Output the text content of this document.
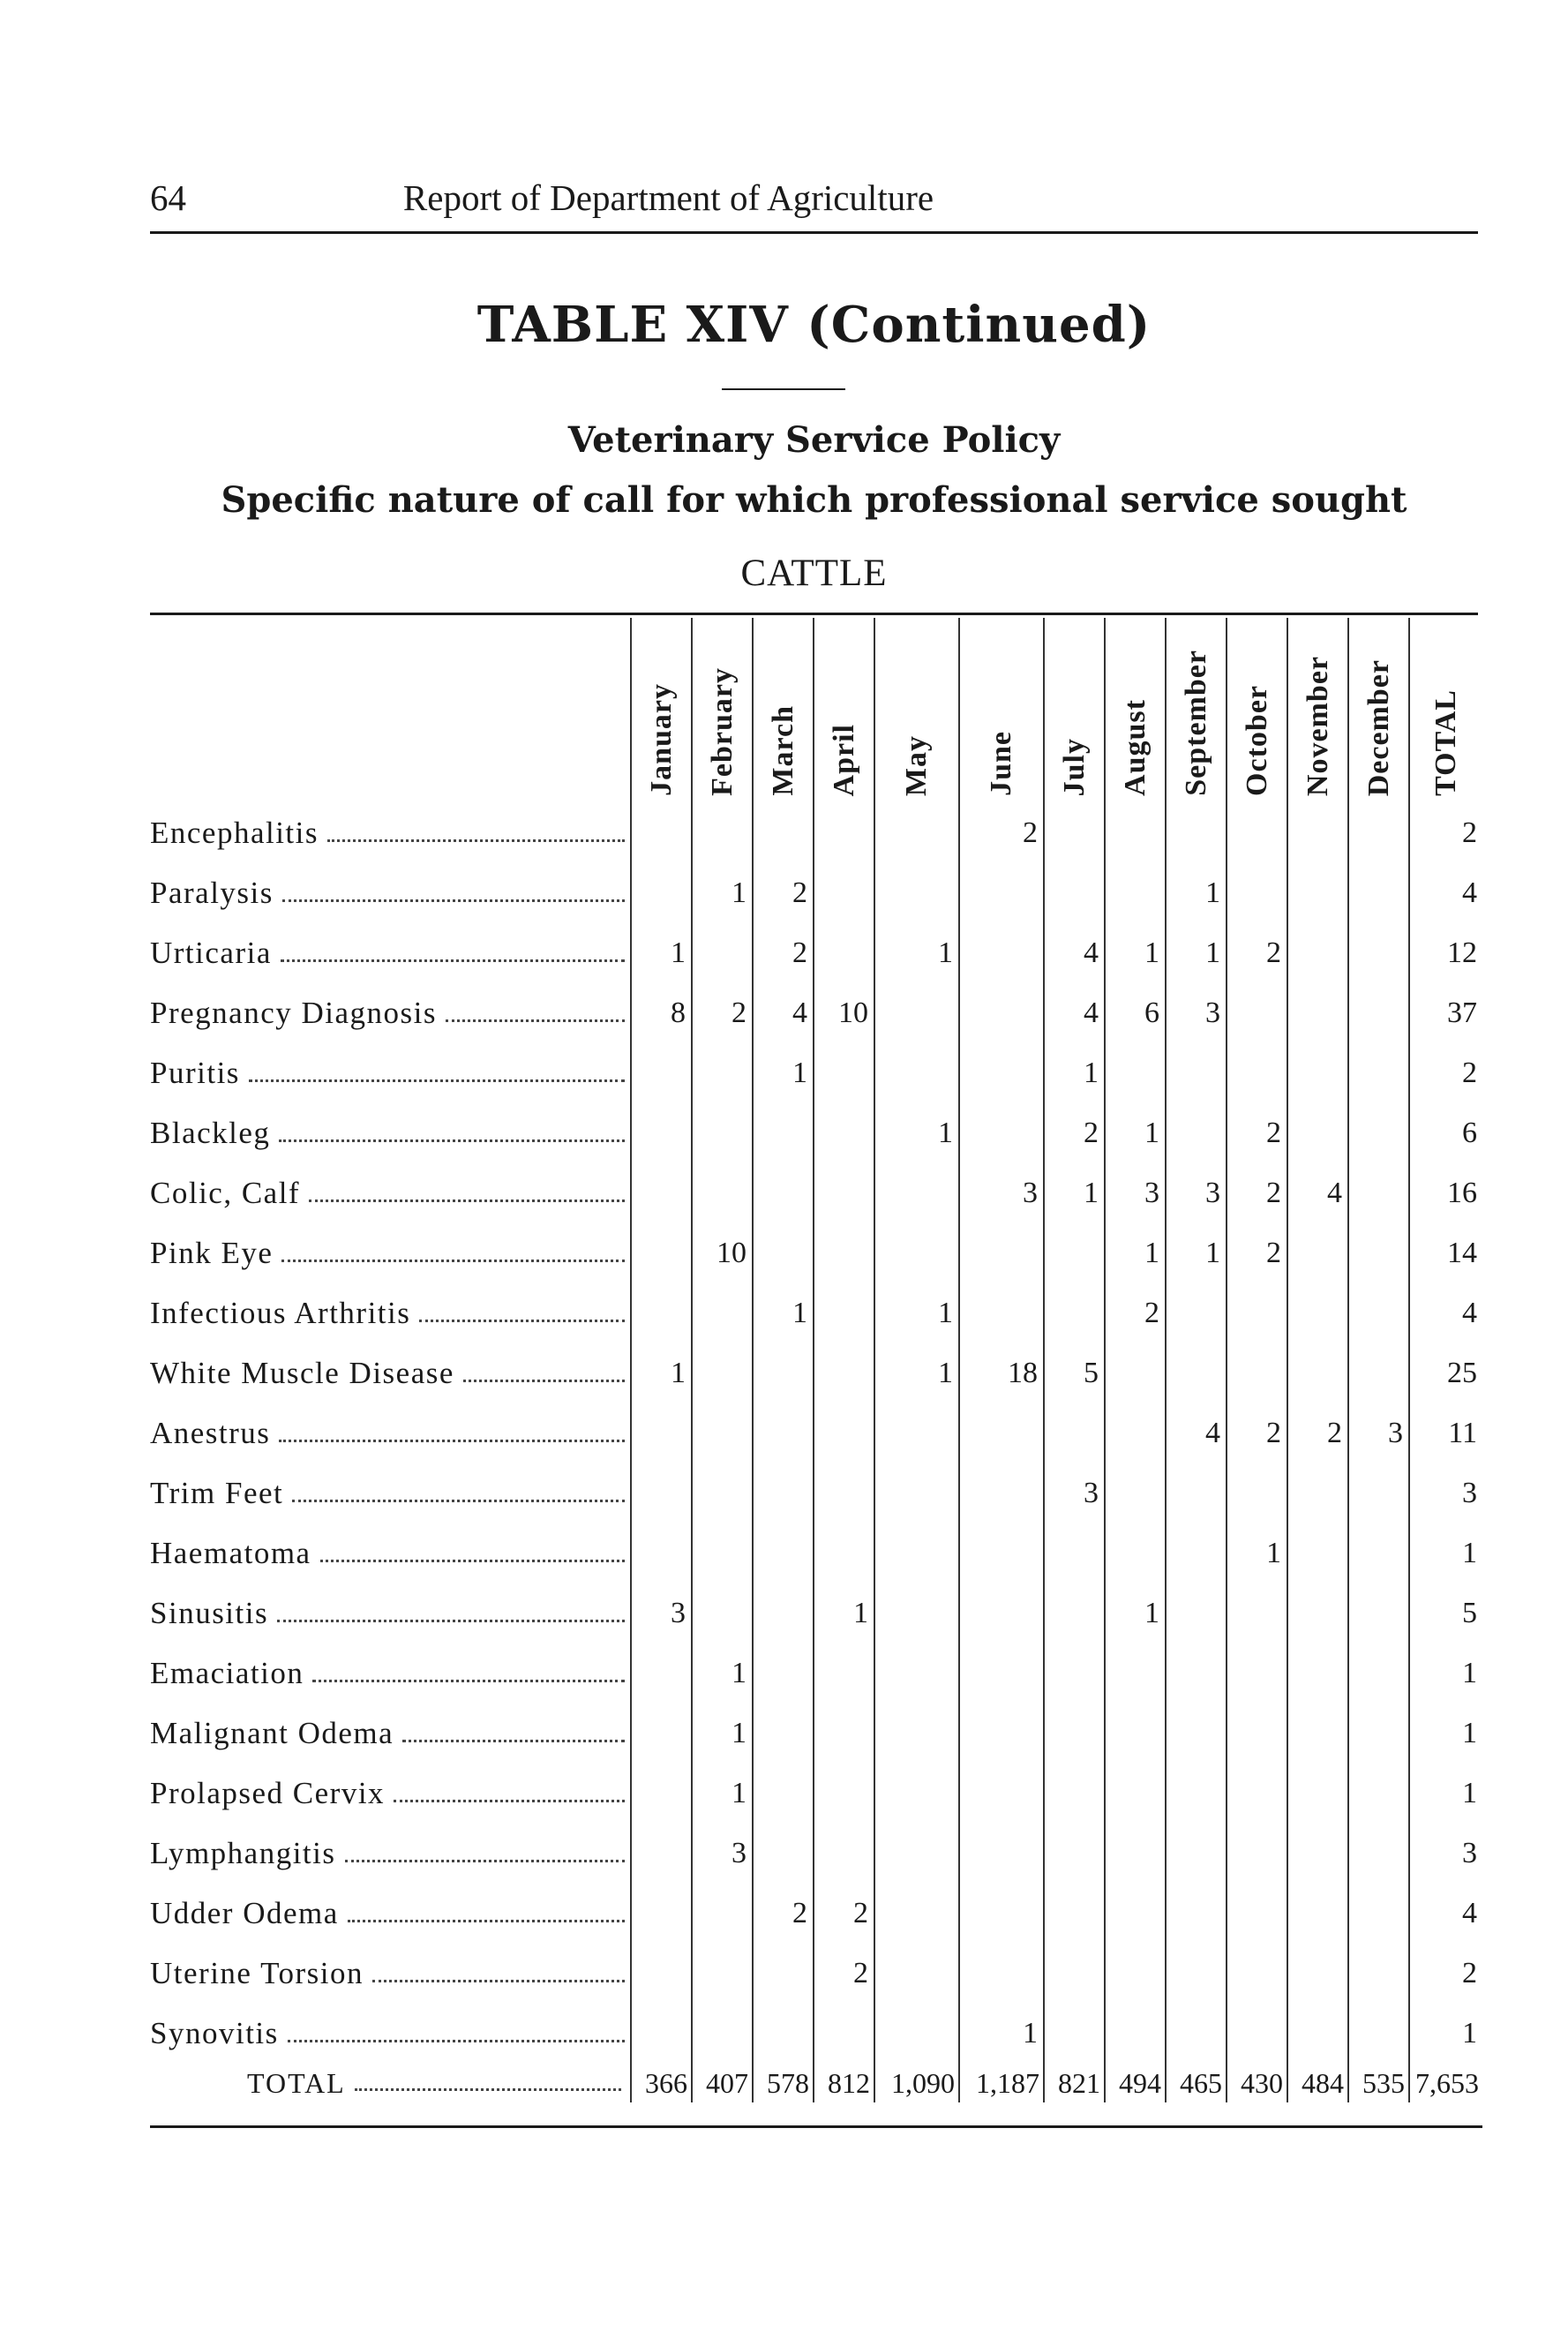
64	Report of Department of Agriculture
TABLE XIV (Continued)
Veterinary Service Policy
Specific nature of call for which professional service sought
CATTLE

	January	February	March	April	May	June	July	August	September	October	November	December	TOTAL

Encephalitis						2							2

Paralysis		1	2						1				4

Urticaria	1		2		1		4	1	1	2			12

Pregnancy Diagnosis	8	2	4	10			4	6	3				37

Puritis			1				1						2

Blackleg					1		2	1		2			6

Colic, Calf						3	1	3	3	2	4		16

Pink Eye		10						1	1	2			14

Infectious Arthritis			1		1			2					4

White Muscle Disease	1				1	18	5						25

Anestrus									4	2	2	3	11

Trim Feet							3						3

Haematoma										1			1

Sinusitis	3			1				1					5

Emaciation		1											1

Malignant Odema		1											1

Prolapsed Cervix		1											1

Lymphangitis		3											3

Udder Odema			2	2									4

Uterine Torsion				2									2

Synovitis						1							1

TOTAL	366	407	578	812	1,090	1,187	821	494	465	430	484	535	7,653
